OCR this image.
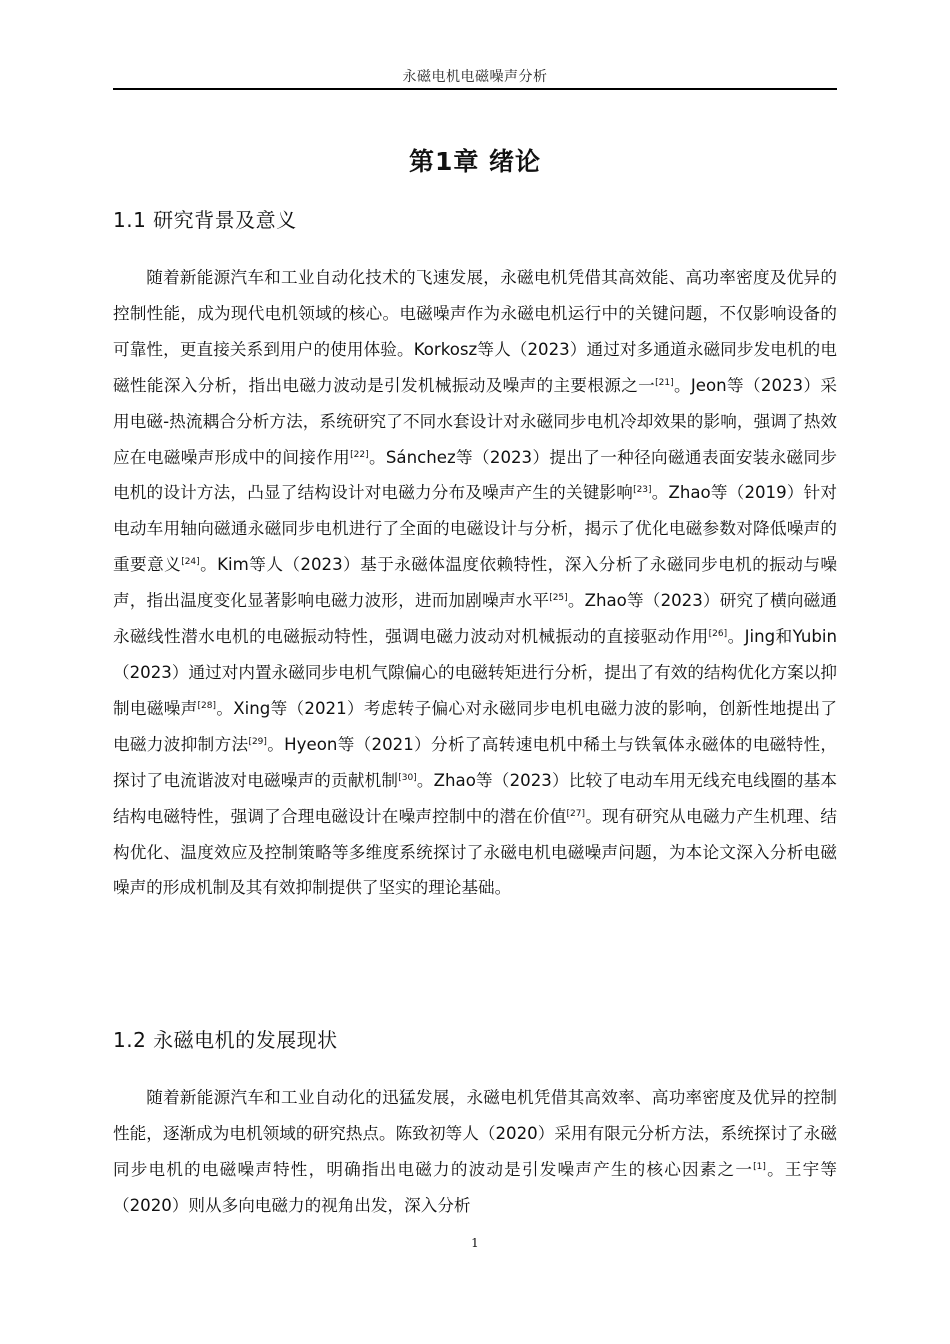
永磁电机电磁噪声分析
第1章 绪论
1.1 研究背景及意义

随着新能源汽车和工业自动化技术的飞速发展，永磁电机凭借其高效能、高功率密度及优异的控制性能，成为现代电机领域的核心。电磁噪声作为永磁电机运行中的关键问题，不仅影响设备的可靠性，更直接关系到用户的使用体验。Korkosz等人（2023）通过对多通道永磁同步发电机的电磁性能深入分析，指出电磁力波动是引发机械振动及噪声的主要根源之一[21]。Jeon等（2023）采用电磁-热流耦合分析方法，系统研究了不同水套设计对永磁同步电机冷却效果的影响，强调了热效应在电磁噪声形成中的间接作用[22]。Sánchez等（2023）提出了一种径向磁通表面安装永磁同步电机的设计方法，凸显了结构设计对电磁力分布及噪声产生的关键影响[23]。Zhao等（2019）针对电动车用轴向磁通永磁同步电机进行了全面的电磁设计与分析，揭示了优化电磁参数对降低噪声的重要意义[24]。Kim等人（2023）基于永磁体温度依赖特性，深入分析了永磁同步电机的振动与噪声，指出温度变化显著影响电磁力波形，进而加剧噪声水平[25]。Zhao等（2023）研究了横向磁通永磁线性潜水电机的电磁振动特性，强调电磁力波动对机械振动的直接驱动作用[26]。Jing和Yubin（2023）通过对内置永磁同步电机气隙偏心的电磁转矩进行分析，提出了有效的结构优化方案以抑制电磁噪声[28]。Xing等（2021）考虑转子偏心对永磁同步电机电磁力波的影响，创新性地提出了电磁力波抑制方法[29]。Hyeon等（2021）分析了高转速电机中稀土与铁氧体永磁体的电磁特性，探讨了电流谐波对电磁噪声的贡献机制[30]。Zhao等（2023）比较了电动车用无线充电线圈的基本结构电磁特性，强调了合理电磁设计在噪声控制中的潜在价值[27]。现有研究从电磁力产生机理、结构优化、温度效应及控制策略等多维度系统探讨了永磁电机电磁噪声问题，为本论文深入分析电磁噪声的形成机制及其有效抑制提供了坚实的理论基础。

1.2 永磁电机的发展现状

随着新能源汽车和工业自动化的迅猛发展，永磁电机凭借其高效率、高功率密度及优异的控制性能，逐渐成为电机领域的研究热点。陈致初等人（2020）采用有限元分析方法，系统探讨了永磁同步电机的电磁噪声特性，明确指出电磁力的波动是引发噪声产生的核心因素之一[1]。王宇等（2020）则从多向电磁力的视角出发，深入分析

1
